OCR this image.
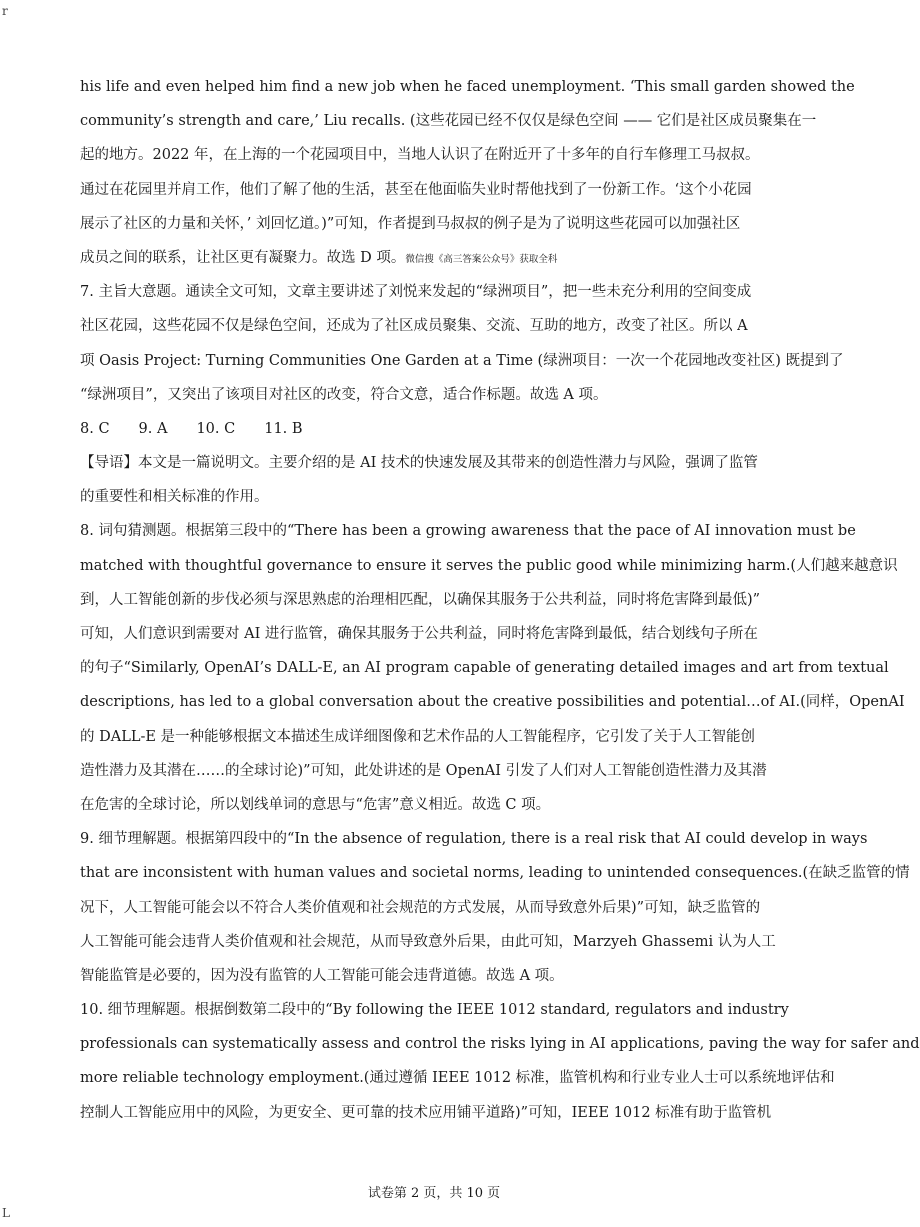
r
L
his life and even helped him find a new job when he faced unemployment. ‘This small garden showed the
community’s strength and care,’ Liu recalls. (这些花园已经不仅仅是绿色空间 —— 它们是社区成员聚集在一
起的地方。2022 年，在上海的一个花园项目中，当地人认识了在附近开了十多年的自行车修理工马叔叔。
通过在花园里并肩工作，他们了解了他的生活，甚至在他面临失业时帮他找到了一份新工作。‘这个小花园
展示了社区的力量和关怀，’ 刘回忆道。)”可知，作者提到马叔叔的例子是为了说明这些花园可以加强社区
成员之间的联系，让社区更有凝聚力。故选 D 项。微信搜《高三答案公众号》获取全科
7. 主旨大意题。通读全文可知，文章主要讲述了刘悦来发起的“绿洲项目”，把一些未充分利用的空间变成
社区花园，这些花园不仅是绿色空间，还成为了社区成员聚集、交流、互助的地方，改变了社区。所以 A
项 Oasis Project: Turning Communities One Garden at a Time (绿洲项目：一次一个花园地改变社区) 既提到了
“绿洲项目”，又突出了该项目对社区的改变，符合文意，适合作标题。故选 A 项。
8. C　　9. A　　10. C　　11. B
【导语】本文是一篇说明文。主要介绍的是 AI 技术的快速发展及其带来的创造性潜力与风险，强调了监管
的重要性和相关标准的作用。
8. 词句猜测题。根据第三段中的“There has been a growing awareness that the pace of AI innovation must be
matched with thoughtful governance to ensure it serves the public good while minimizing harm.(人们越来越意识
到，人工智能创新的步伐必须与深思熟虑的治理相匹配，以确保其服务于公共利益，同时将危害降到最低)”
可知，人们意识到需要对 AI 进行监管，确保其服务于公共利益，同时将危害降到最低，结合划线句子所在
的句子“Similarly, OpenAI’s DALL-E, an AI program capable of generating detailed images and art from textual
descriptions, has led to a global conversation about the creative possibilities and potential…of AI.(同样，OpenAI
的 DALL-E 是一种能够根据文本描述生成详细图像和艺术作品的人工智能程序，它引发了关于人工智能创
造性潜力及其潜在……的全球讨论)”可知，此处讲述的是 OpenAI 引发了人们对人工智能创造性潜力及其潜
在危害的全球讨论，所以划线单词的意思与“危害”意义相近。故选 C 项。
9. 细节理解题。根据第四段中的“In the absence of regulation, there is a real risk that AI could develop in ways
that are inconsistent with human values and societal norms, leading to unintended consequences.(在缺乏监管的情
况下，人工智能可能会以不符合人类价值观和社会规范的方式发展，从而导致意外后果)”可知，缺乏监管的
人工智能可能会违背人类价值观和社会规范，从而导致意外后果，由此可知，Marzyeh Ghassemi 认为人工
智能监管是必要的，因为没有监管的人工智能可能会违背道德。故选 A 项。
10. 细节理解题。根据倒数第二段中的“By following the IEEE 1012 standard, regulators and industry
professionals can systematically assess and control the risks lying in AI applications, paving the way for safer and
more reliable technology employment.(通过遵循 IEEE 1012 标准，监管机构和行业专业人士可以系统地评估和
控制人工智能应用中的风险，为更安全、更可靠的技术应用铺平道路)”可知，IEEE 1012 标准有助于监管机
试卷第 2 页，共 10 页
